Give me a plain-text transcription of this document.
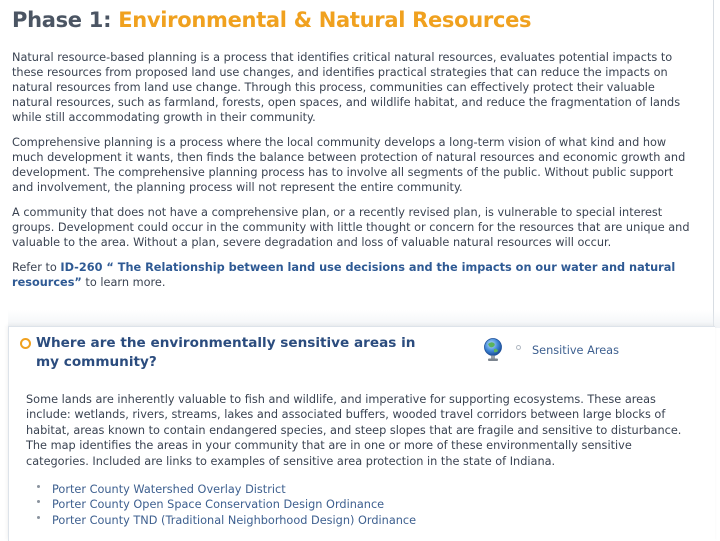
Phase 1: Environmental & Natural Resources

Natural resource-based planning is a process that identifies critical natural resources, evaluates potential impacts to these resources from proposed land use changes, and identifies practical strategies that can reduce the impacts on natural resources from land use change. Through this process, communities can effectively protect their valuable natural resources, such as farmland, forests, open spaces, and wildlife habitat, and reduce the fragmentation of lands while still accommodating growth in their community.

Comprehensive planning is a process where the local community develops a long-term vision of what kind and how much development it wants, then finds the balance between protection of natural resources and economic growth and development. The comprehensive planning process has to involve all segments of the public. Without public support and involvement, the planning process will not represent the entire community.

A community that does not have a comprehensive plan, or a recently revised plan, is vulnerable to special interest groups. Development could occur in the community with little thought or concern for the resources that are unique and valuable to the area. Without a plan, severe degradation and loss of valuable natural resources will occur.

Refer to ID-260 “ The Relationship between land use decisions and the impacts on our water and natural resources” to learn more.

Where are the environmentally sensitive areas in my community?
Sensitive Areas
Some lands are inherently valuable to fish and wildlife, and imperative for supporting ecosystems. These areas include: wetlands, rivers, streams, lakes and associated buffers, wooded travel corridors between large blocks of habitat, areas known to contain endangered species, and steep slopes that are fragile and sensitive to disturbance. The map identifies the areas in your community that are in one or more of these environmentally sensitive categories. Included are links to examples of sensitive area protection in the state of Indiana.
Porter County Watershed Overlay District
Porter County Open Space Conservation Design Ordinance
Porter County TND (Traditional Neighborhood Design) Ordinance
